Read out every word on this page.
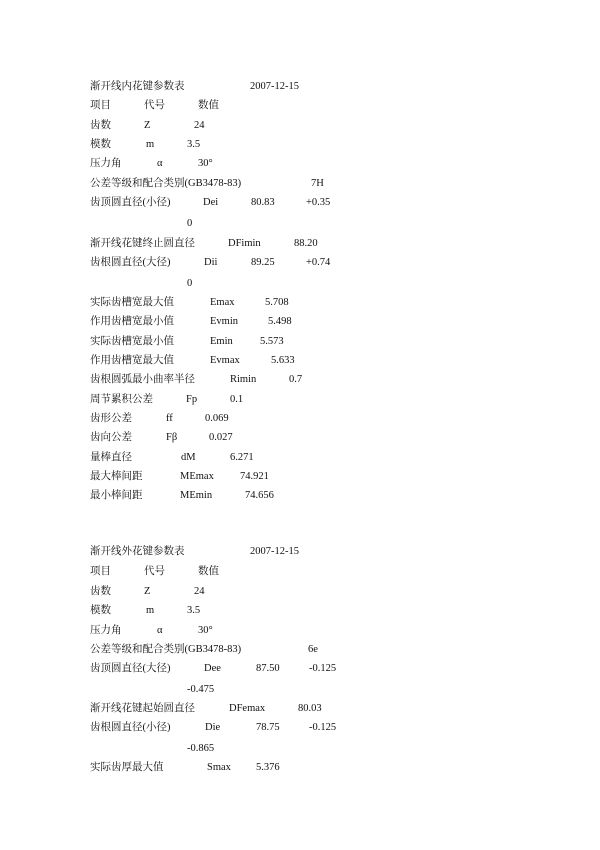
渐开线内花键参数表	2007-12-15
项目	代号	数值
齿数	Z	24
模数	m	3.5
压力角	α	30°
公差等级和配合类别(GB3478-83)	7H
齿顶圆直径(小径)	Dei	80.83	+0.35
0
渐开线花键终止圆直径	DFimin	88.20
齿根圆直径(大径)	Dii	89.25	+0.74
0
实际齿槽宽最大值	Emax	5.708
作用齿槽宽最小值	Evmin	5.498
实际齿槽宽最小值	Emin	5.573
作用齿槽宽最大值	Evmax	5.633
齿根圆弧最小曲率半径	Rimin	0.7
周节累积公差	Fp	0.1
齿形公差	ff	0.069
齿向公差	Fβ	0.027
量棒直径	dM	6.271
最大棒间距	MEmax 74.921
最小棒间距	MEmin	74.656
渐开线外花键参数表	2007-12-15
项目	代号	数值
齿数	Z	24
模数	m	3.5
压力角	α	30°
公差等级和配合类别(GB3478-83)	6e
齿顶圆直径(大径)	Dee	87.50	-0.125
-0.475
渐开线花键起始圆直径	DFemax	80.03
齿根圆直径(小径)	Die	78.75	-0.125
-0.865
实际齿厚最大值	Smax 5.376
